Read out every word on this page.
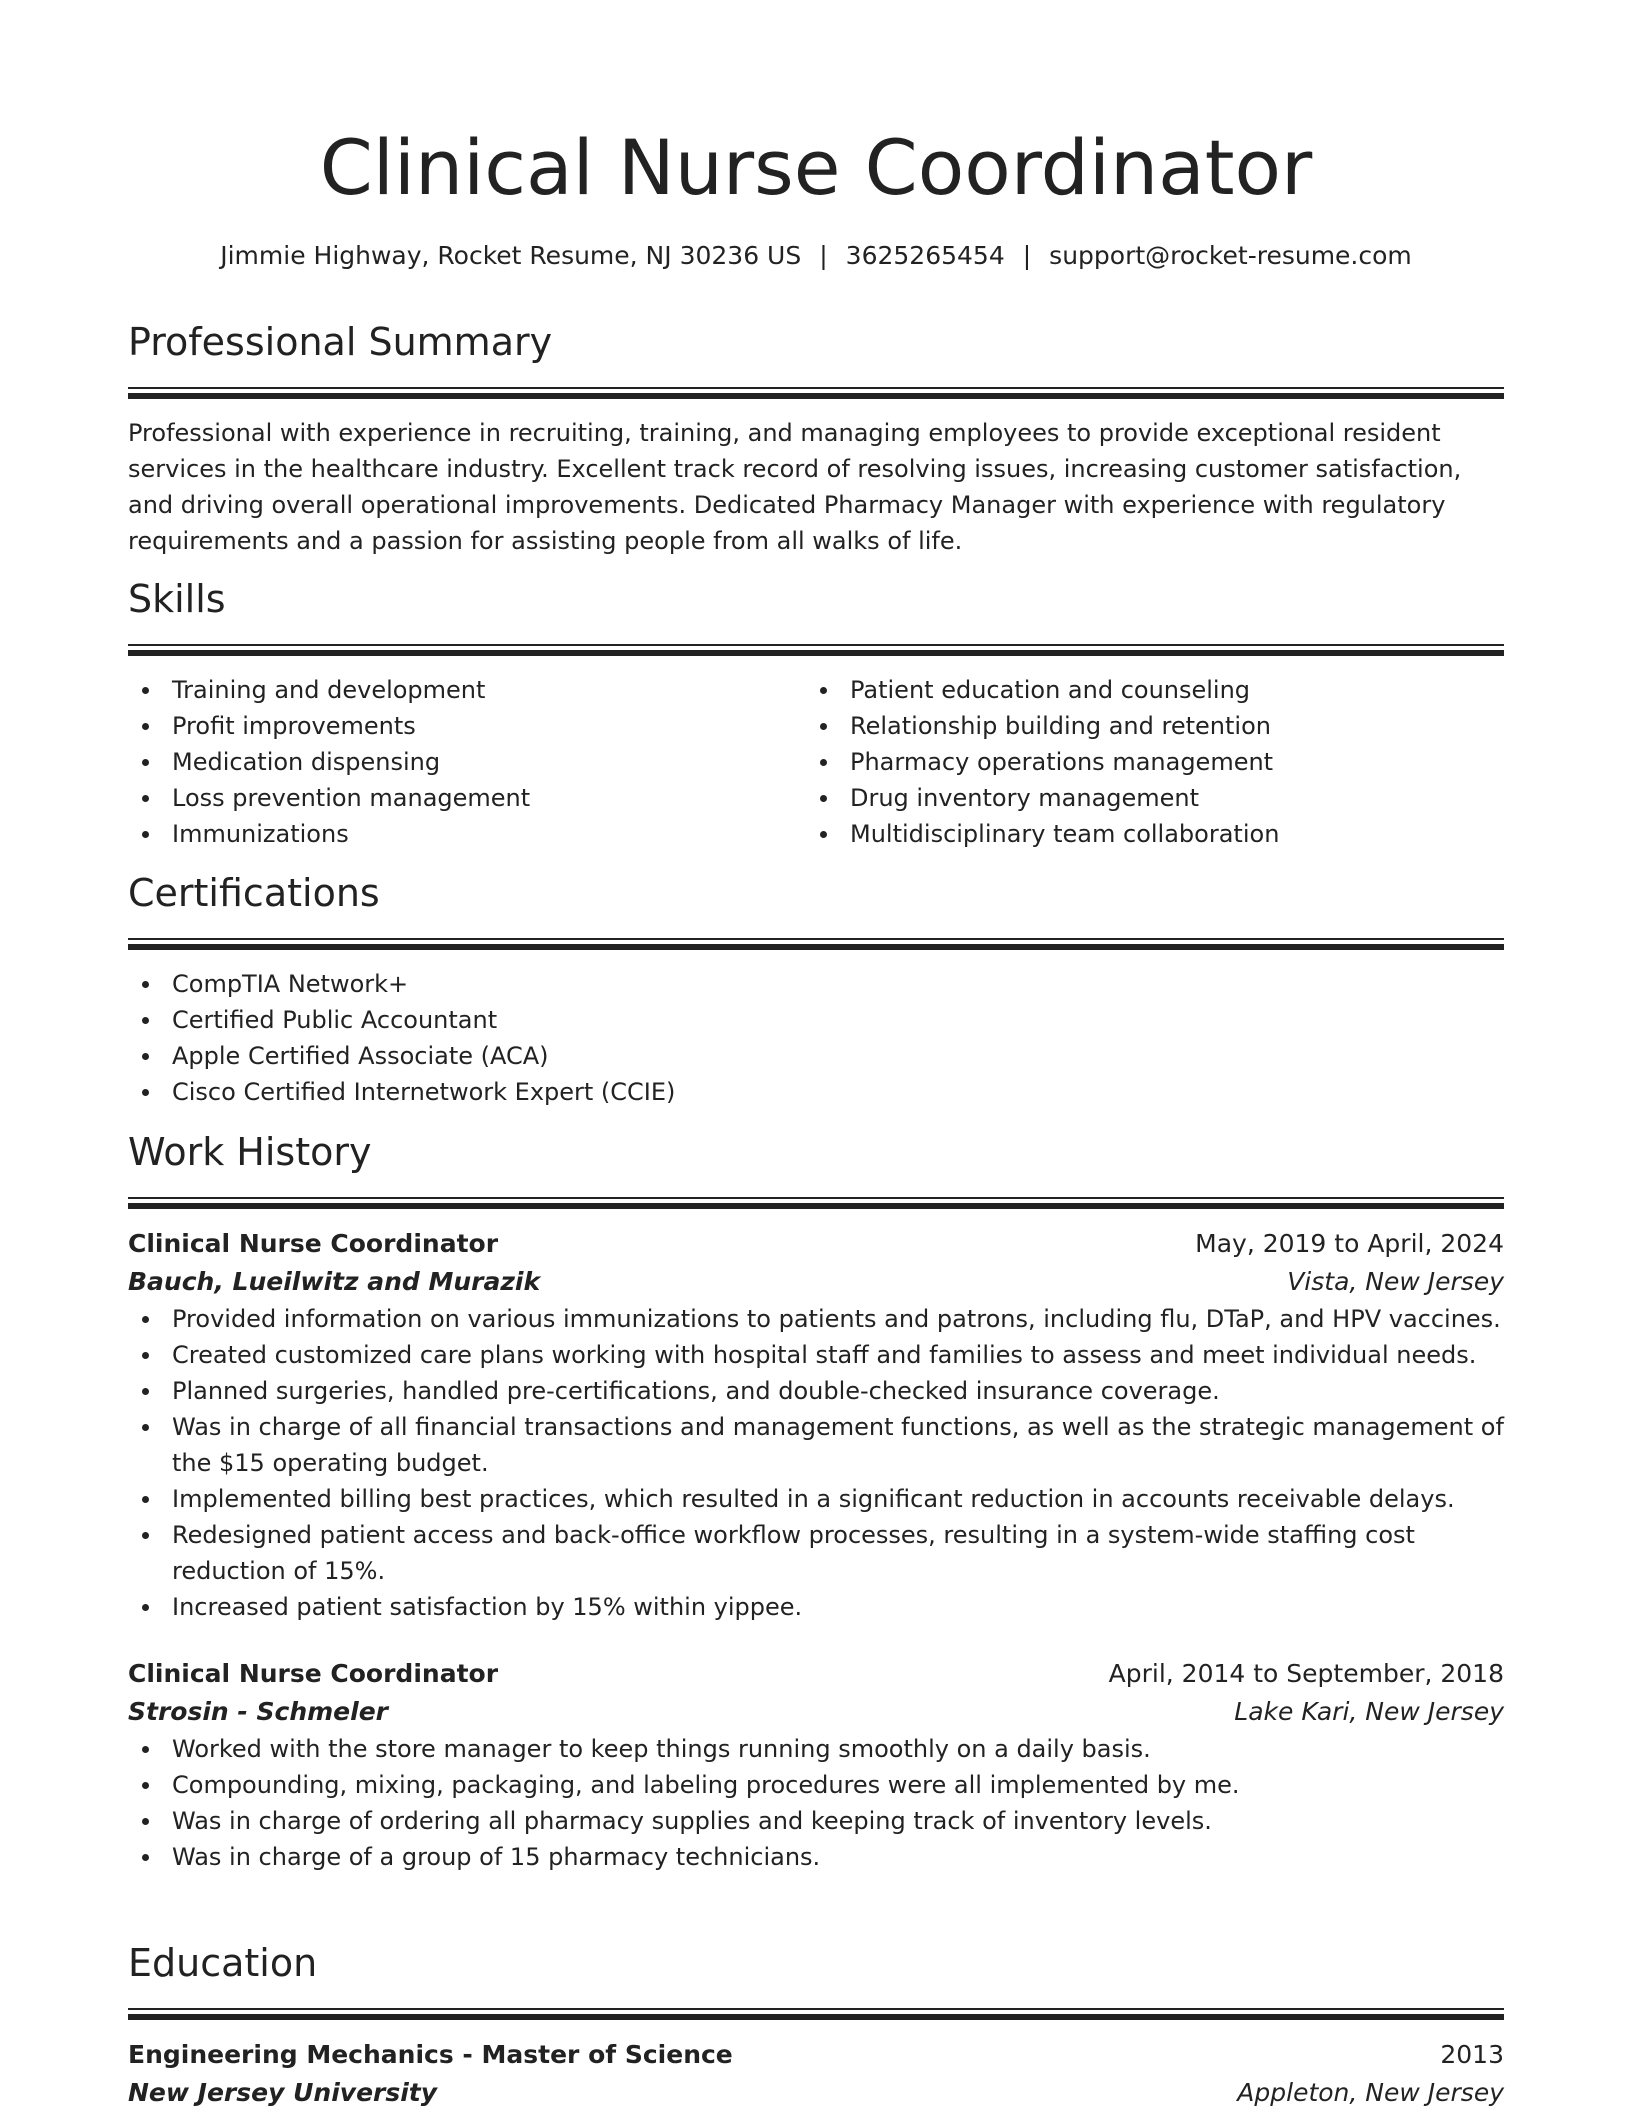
Clinical Nurse Coordinator
Jimmie Highway, Rocket Resume, NJ 30236 US | 3625265454 | support@rocket-resume.com
Professional Summary
Professional with experience in recruiting, training, and managing employees to provide exceptional resident services in the healthcare industry. Excellent track record of resolving issues, increasing customer satisfaction, and driving overall operational improvements. Dedicated Pharmacy Manager with experience with regulatory requirements and a passion for assisting people from all walks of life.
Skills
Training and development
Profit improvements
Medication dispensing
Loss prevention management
Immunizations
Patient education and counseling
Relationship building and retention
Pharmacy operations management
Drug inventory management
Multidisciplinary team collaboration
Certifications
CompTIA Network+
Certified Public Accountant
Apple Certified Associate (ACA)
Cisco Certified Internetwork Expert (CCIE)
Work History
Clinical Nurse Coordinator	May, 2019 to April, 2024
Bauch, Lueilwitz and Murazik	Vista, New Jersey
Provided information on various immunizations to patients and patrons, including flu, DTaP, and HPV vaccines.
Created customized care plans working with hospital staff and families to assess and meet individual needs.
Planned surgeries, handled pre-certifications, and double-checked insurance coverage.
Was in charge of all financial transactions and management functions, as well as the strategic management of the $15 operating budget.
Implemented billing best practices, which resulted in a significant reduction in accounts receivable delays.
Redesigned patient access and back-office workflow processes, resulting in a system-wide staffing cost reduction of 15%.
Increased patient satisfaction by 15% within yippee.
Clinical Nurse Coordinator	April, 2014 to September, 2018
Strosin - Schmeler	Lake Kari, New Jersey
Worked with the store manager to keep things running smoothly on a daily basis.
Compounding, mixing, packaging, and labeling procedures were all implemented by me.
Was in charge of ordering all pharmacy supplies and keeping track of inventory levels.
Was in charge of a group of 15 pharmacy technicians.
Education
Engineering Mechanics - Master of Science	2013
New Jersey University	Appleton, New Jersey
